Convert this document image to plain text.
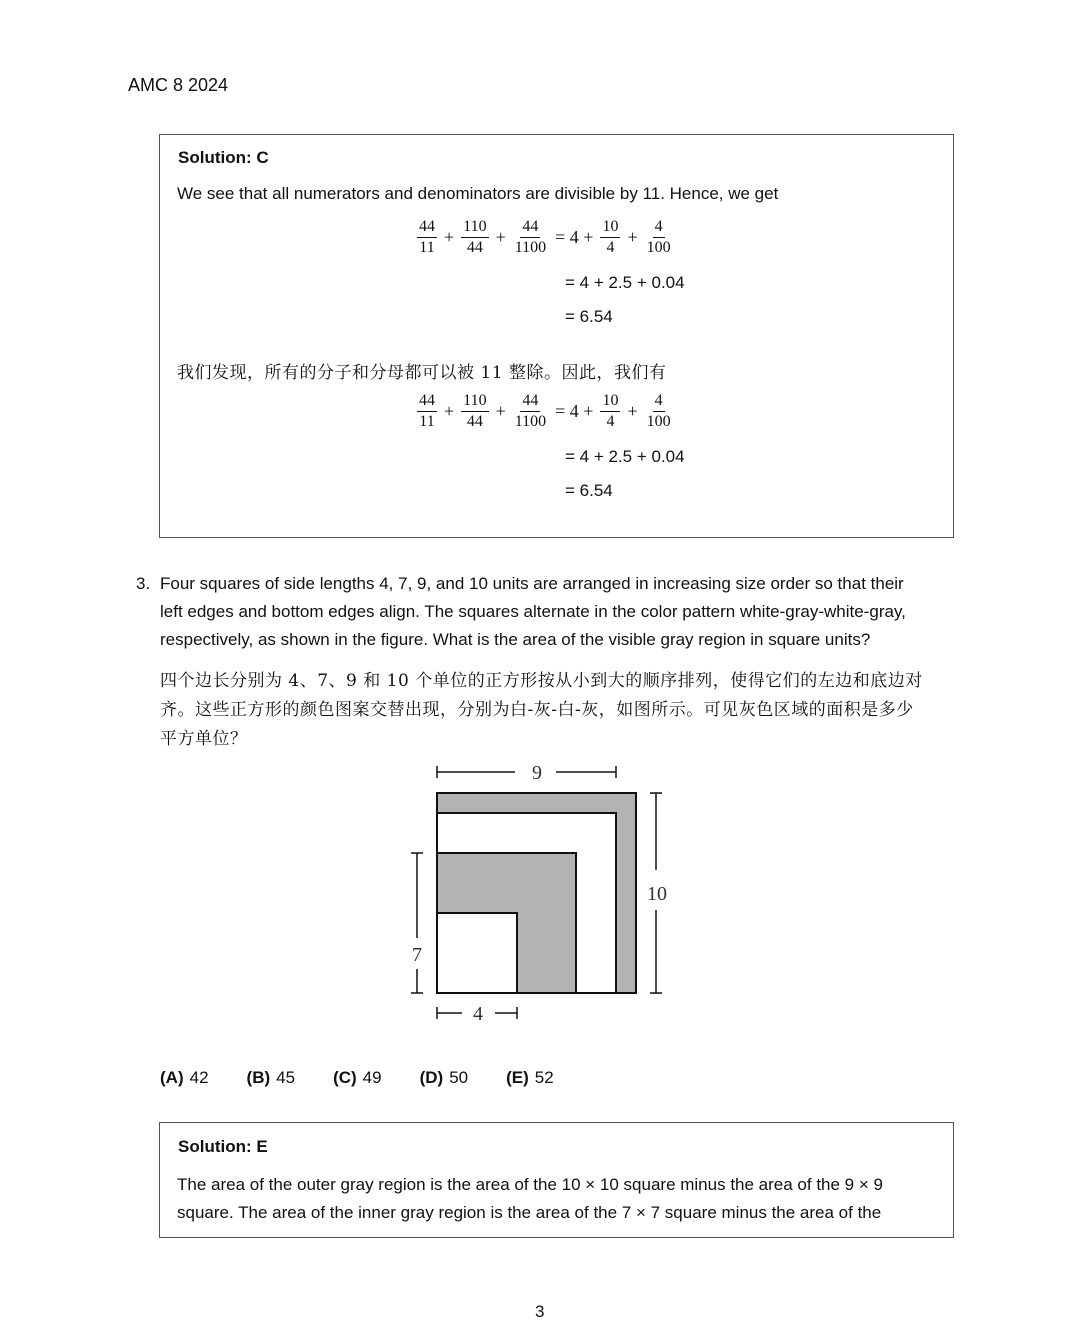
AMC 8 2024
Solution: C
We see that all numerators and denominators are divisible by 11. Hence, we get
$\frac{44}{11} + \frac{110}{44} + \frac{44}{1100} = 4 + \frac{10}{4} + \frac{4}{100}$
= 4 + 2.5 + 0.04
= 6.54
我们发现，所有的分子和分母都可以被 11 整除。因此，我们有
$\frac{44}{11} + \frac{110}{44} + \frac{44}{1100} = 4 + \frac{10}{4} + \frac{4}{100}$
= 4 + 2.5 + 0.04
= 6.54
3. Four squares of side lengths 4, 7, 9, and 10 units are arranged in increasing size order so that their
left edges and bottom edges align. The squares alternate in the color pattern white-gray-white-gray,
respectively, as shown in the figure. What is the area of the visible gray region in square units?
四个边长分别为 4、7、9 和 10 个单位的正方形按从小到大的顺序排列，使得它们的左边和底边对
齐。这些正方形的颜色图案交替出现，分别为白-灰-白-灰，如图所示。可见灰色区域的面积是多少
平方单位？
9
10
7
4
(A) 42 (B) 45 (C) 49 (D) 50 (E) 52
Solution: E
The area of the outer gray region is the area of the 10 × 10 square minus the area of the 9 × 9
square. The area of the inner gray region is the area of the 7 × 7 square minus the area of the
3
